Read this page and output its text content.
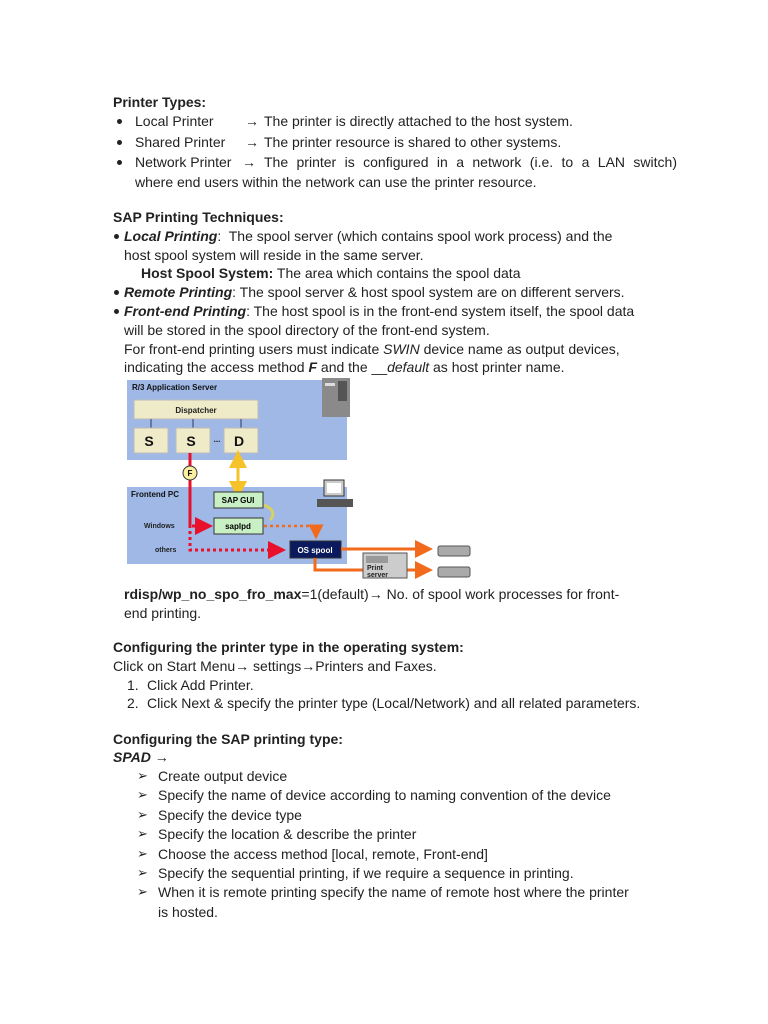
Printer Types:
Local Printer → The printer is directly attached to the host system.
Shared Printer → The printer resource is shared to other systems.
Network Printer → The printer is configured in a network (i.e. to a LAN switch)
where end users within the network can use the printer resource.
SAP Printing Techniques:
Local Printing:  The spool server (which contains spool work process) and the
host spool system will reside in the same server.
Host Spool System: The area which contains the spool data
Remote Printing: The spool server & host spool system are on different servers.
Front-end Printing: The host spool is in the front-end system itself, the spool data
will be stored in the spool directory of the front-end system.
For front-end printing users must indicate SWIN device name as output devices,
indicating the access method F and the __default as host printer name.
R/3 Application Server
Dispatcher
S S ... D
Frontend PC
F
SAP GUI
saplpd
Windows
others	OS spool
Print
server
rdisp/wp_no_spo_fro_max=1(default)→ No. of spool work processes for front-
end printing.
Configuring the printer type in the operating system:
Click on Start Menu→ settings→Printers and Faxes.
1. Click Add Printer.
2. Click Next & specify the printer type (Local/Network) and all related parameters.
Configuring the SAP printing type:
SPAD →
➢ Create output device
➢ Specify the name of device according to naming convention of the device
➢ Specify the device type
➢ Specify the location & describe the printer
➢ Choose the access method [local, remote, Front-end]
➢ Specify the sequential printing, if we require a sequence in printing.
➢ When it is remote printing specify the name of remote host where the printer
is hosted.
